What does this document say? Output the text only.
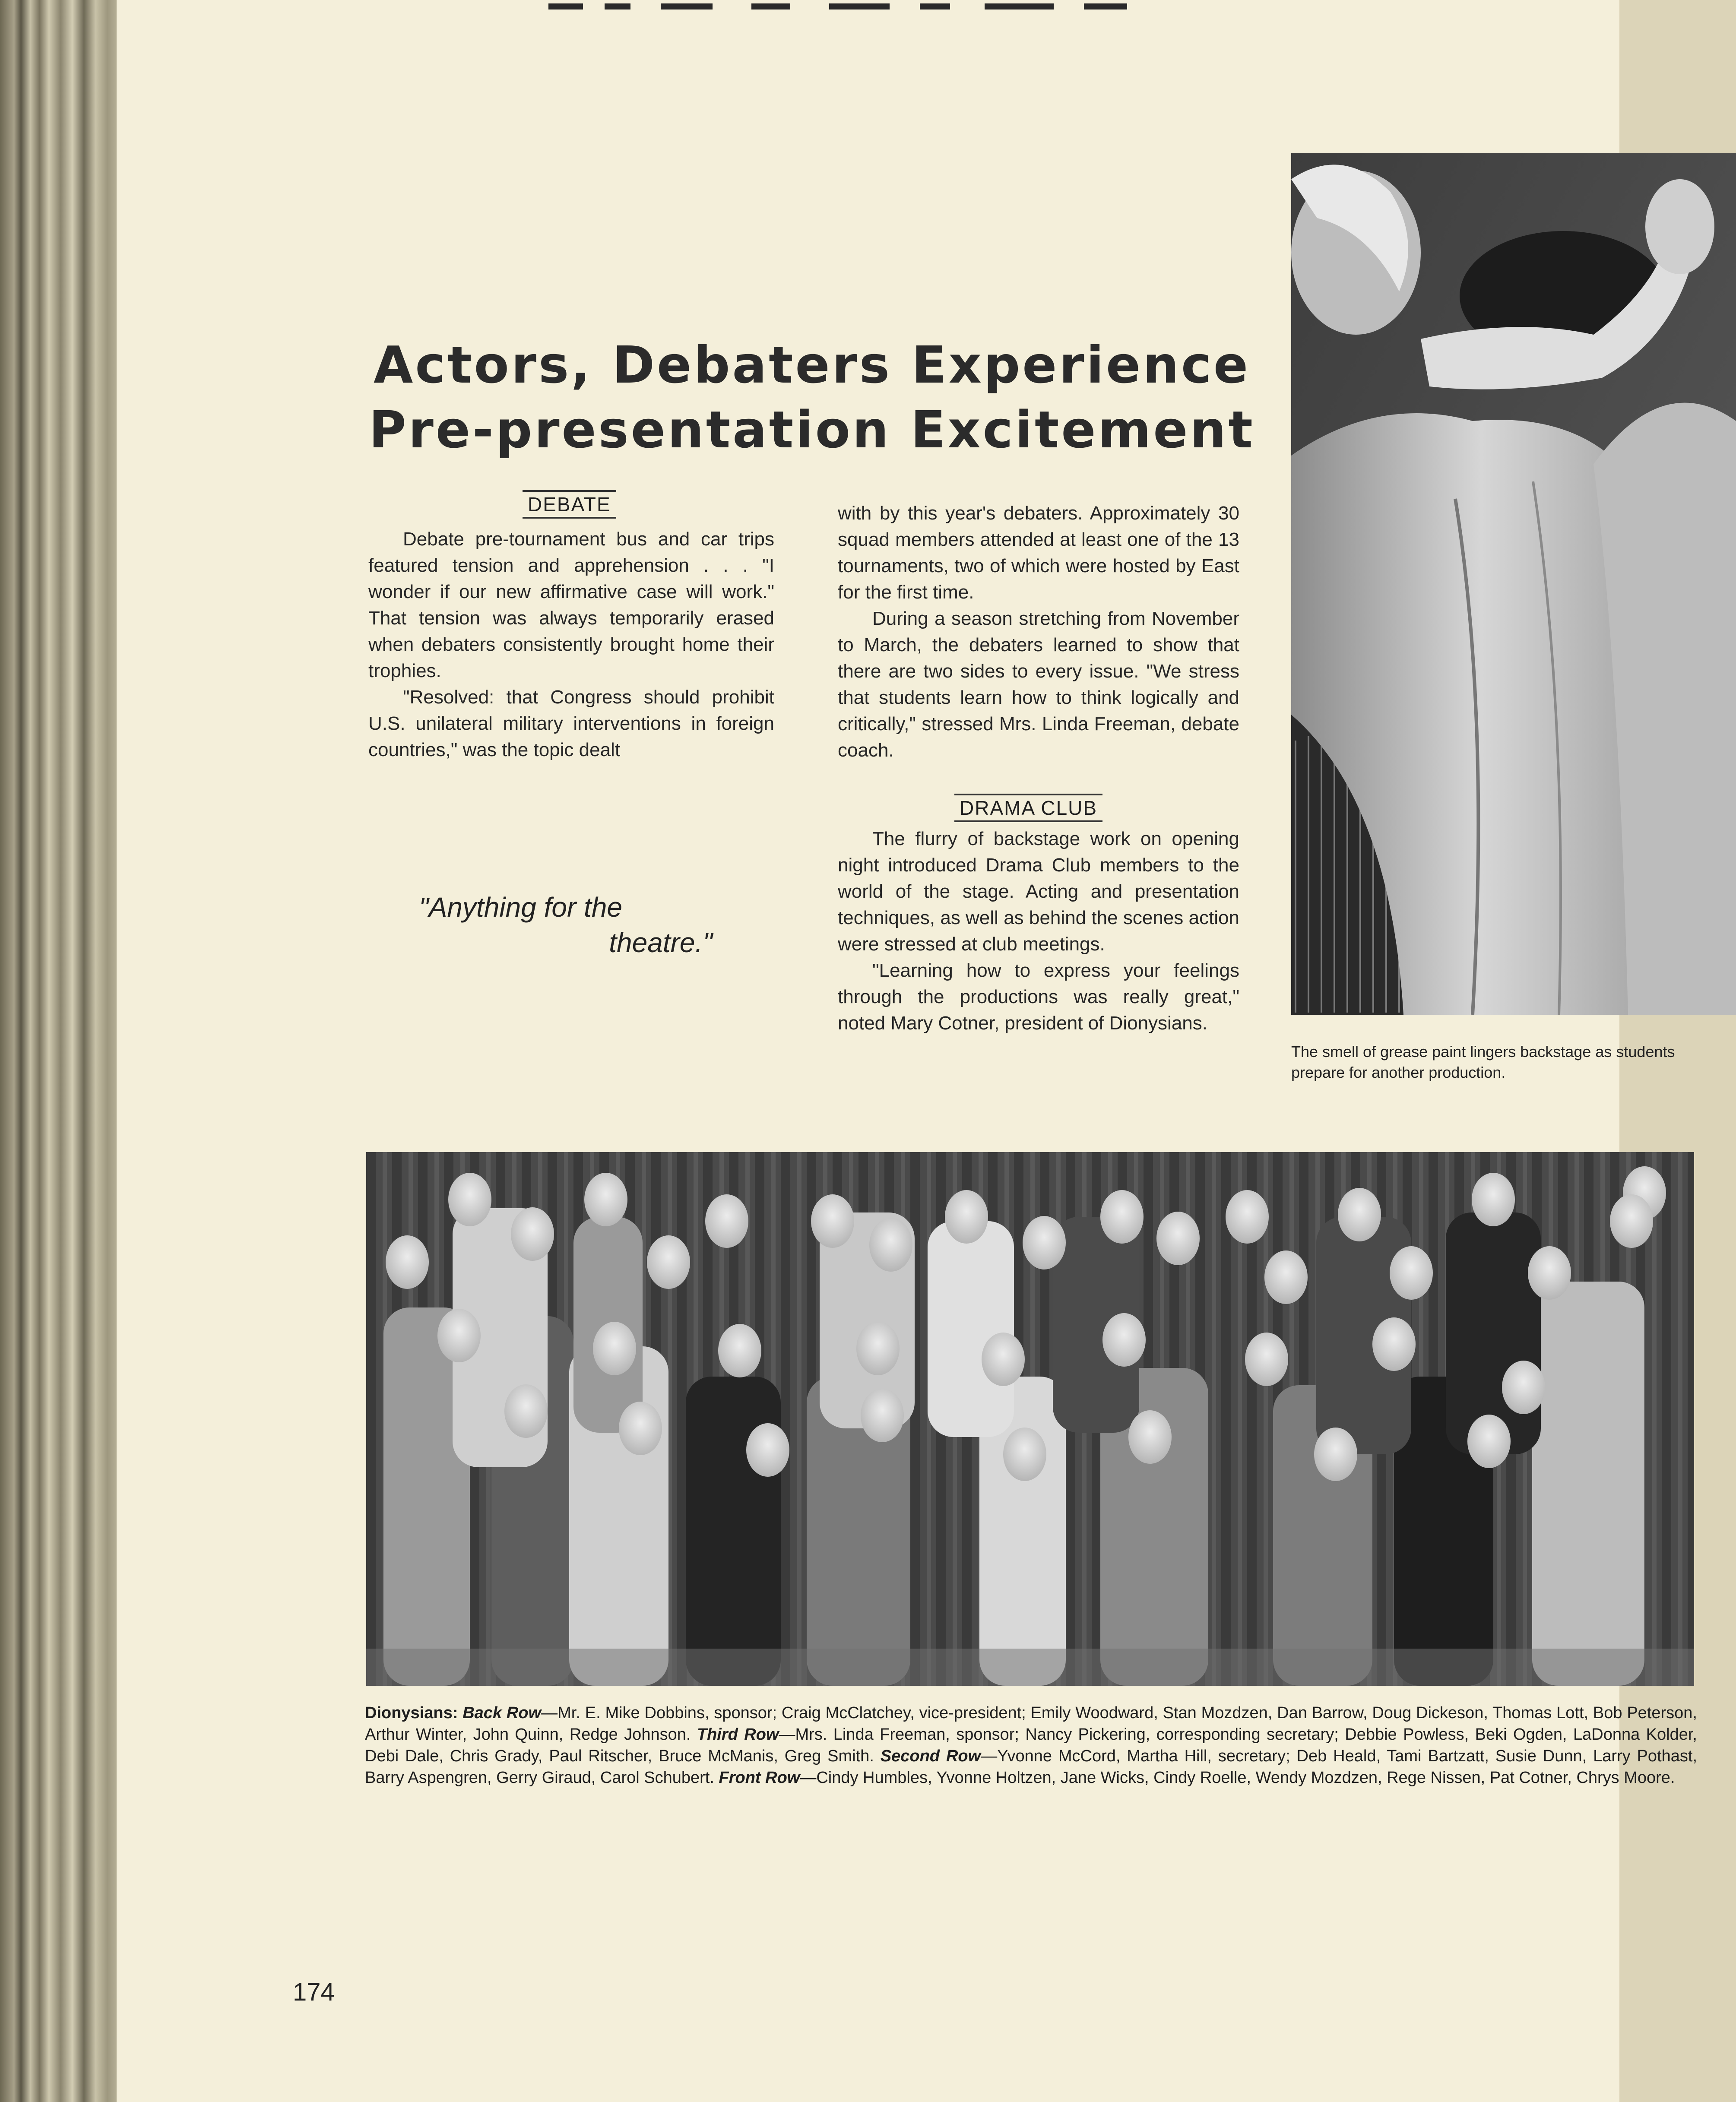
Actors, Debaters Experience
Pre-presentation Excitement
DEBATE

Debate pre-tournament bus and car trips featured tension and apprehension . . . "I wonder if our new affirmative case will work." That tension was always temporarily erased when debaters consistently brought home their trophies.

"Resolved: that Congress should prohibit U.S. unilateral military interventions in foreign countries," was the topic dealt

with by this year's debaters. Approximately 30 squad members attended at least one of the 13 tournaments, two of which were hosted by East for the first time.

During a season stretching from November to March, the debaters learned to show that there are two sides to every issue. "We stress that students learn how to think logically and critically," stressed Mrs. Linda Freeman, debate coach.

DRAMA CLUB

The flurry of backstage work on opening night introduced Drama Club members to the world of the stage. Acting and presentation techniques, as well as behind the scenes action were stressed at club meetings.

"Learning how to express your feelings through the productions was really great," noted Mary Cotner, president of Dionysians.

"Anything for the
theatre."
The smell of grease paint lingers backstage as students prepare for another production.
Dionysians: Back Row—Mr. E. Mike Dobbins, sponsor; Craig McClatchey, vice-president; Emily Woodward, Stan Mozdzen, Dan Barrow, Doug Dickeson, Thomas Lott, Bob Peterson, Arthur Winter, John Quinn, Redge Johnson. Third Row—Mrs. Linda Freeman, sponsor; Nancy Pickering, corresponding secretary; Debbie Powless, Beki Ogden, LaDonna Kolder, Debi Dale, Chris Grady, Paul Ritscher, Bruce McManis, Greg Smith. Second Row—Yvonne McCord, Martha Hill, secretary; Deb Heald, Tami Bartzatt, Susie Dunn, Larry Pothast, Barry Aspengren, Gerry Giraud, Carol Schubert. Front Row—Cindy Humbles, Yvonne Holtzen, Jane Wicks, Cindy Roelle, Wendy Mozdzen, Rege Nissen, Pat Cotner, Chrys Moore.
174
